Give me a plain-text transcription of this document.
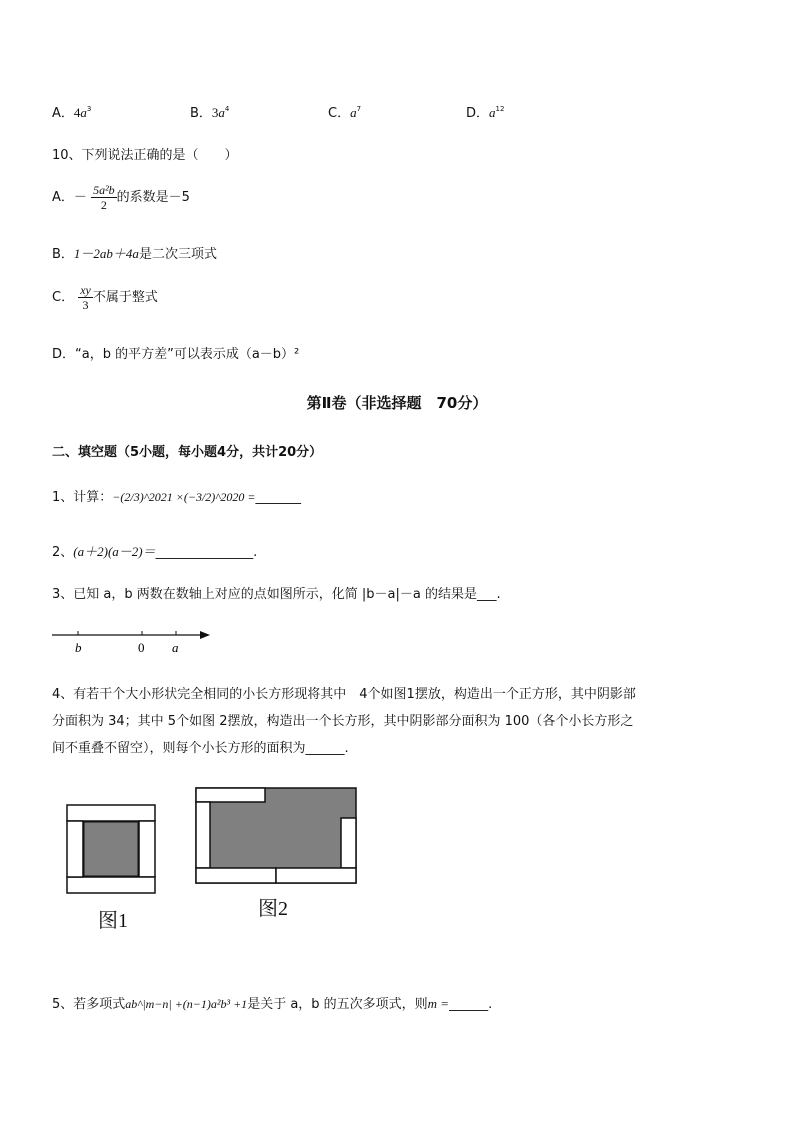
A．$4a^3$	B．$3a^4$	C．$a^7$	D．$a^{12}$
10、下列说法正确的是（　　）
A．－ $\frac{\text{5a²b}}{2}$ 的系数是－5
B．1－2ab＋4a是二次三项式
C． $\frac{xy}{3}$ 不属于整式
D．“a，b 的平方差”可以表示成（a－b）²
第Ⅱ卷（非选择题　70分）
二、填空题（5小题，每小题4分，共计20分）
1、计算：−(2/3)^2021 ×(−3/2)^2020 =_______
2、(a＋2)(a－2)＝_______________.
3、已知 a，b 两数在数轴上对应的点如图所示，化简 |b－a|－a 的结果是___.
b	0 a
4、有若干个大小形状完全相同的小长方形现将其中　4个如图1摆放，构造出一个正方形，其中阴影部
分面积为 34；其中 5个如图 2摆放，构造出一个长方形，其中阴影部分面积为 100（各个小长方形之
间不重叠不留空），则每个小长方形的面积为______.
图1
图2
5、若多项式ab^|m−n| +(n−1)a²b³ +1是关于 a，b 的五次多项式，则m =______.
